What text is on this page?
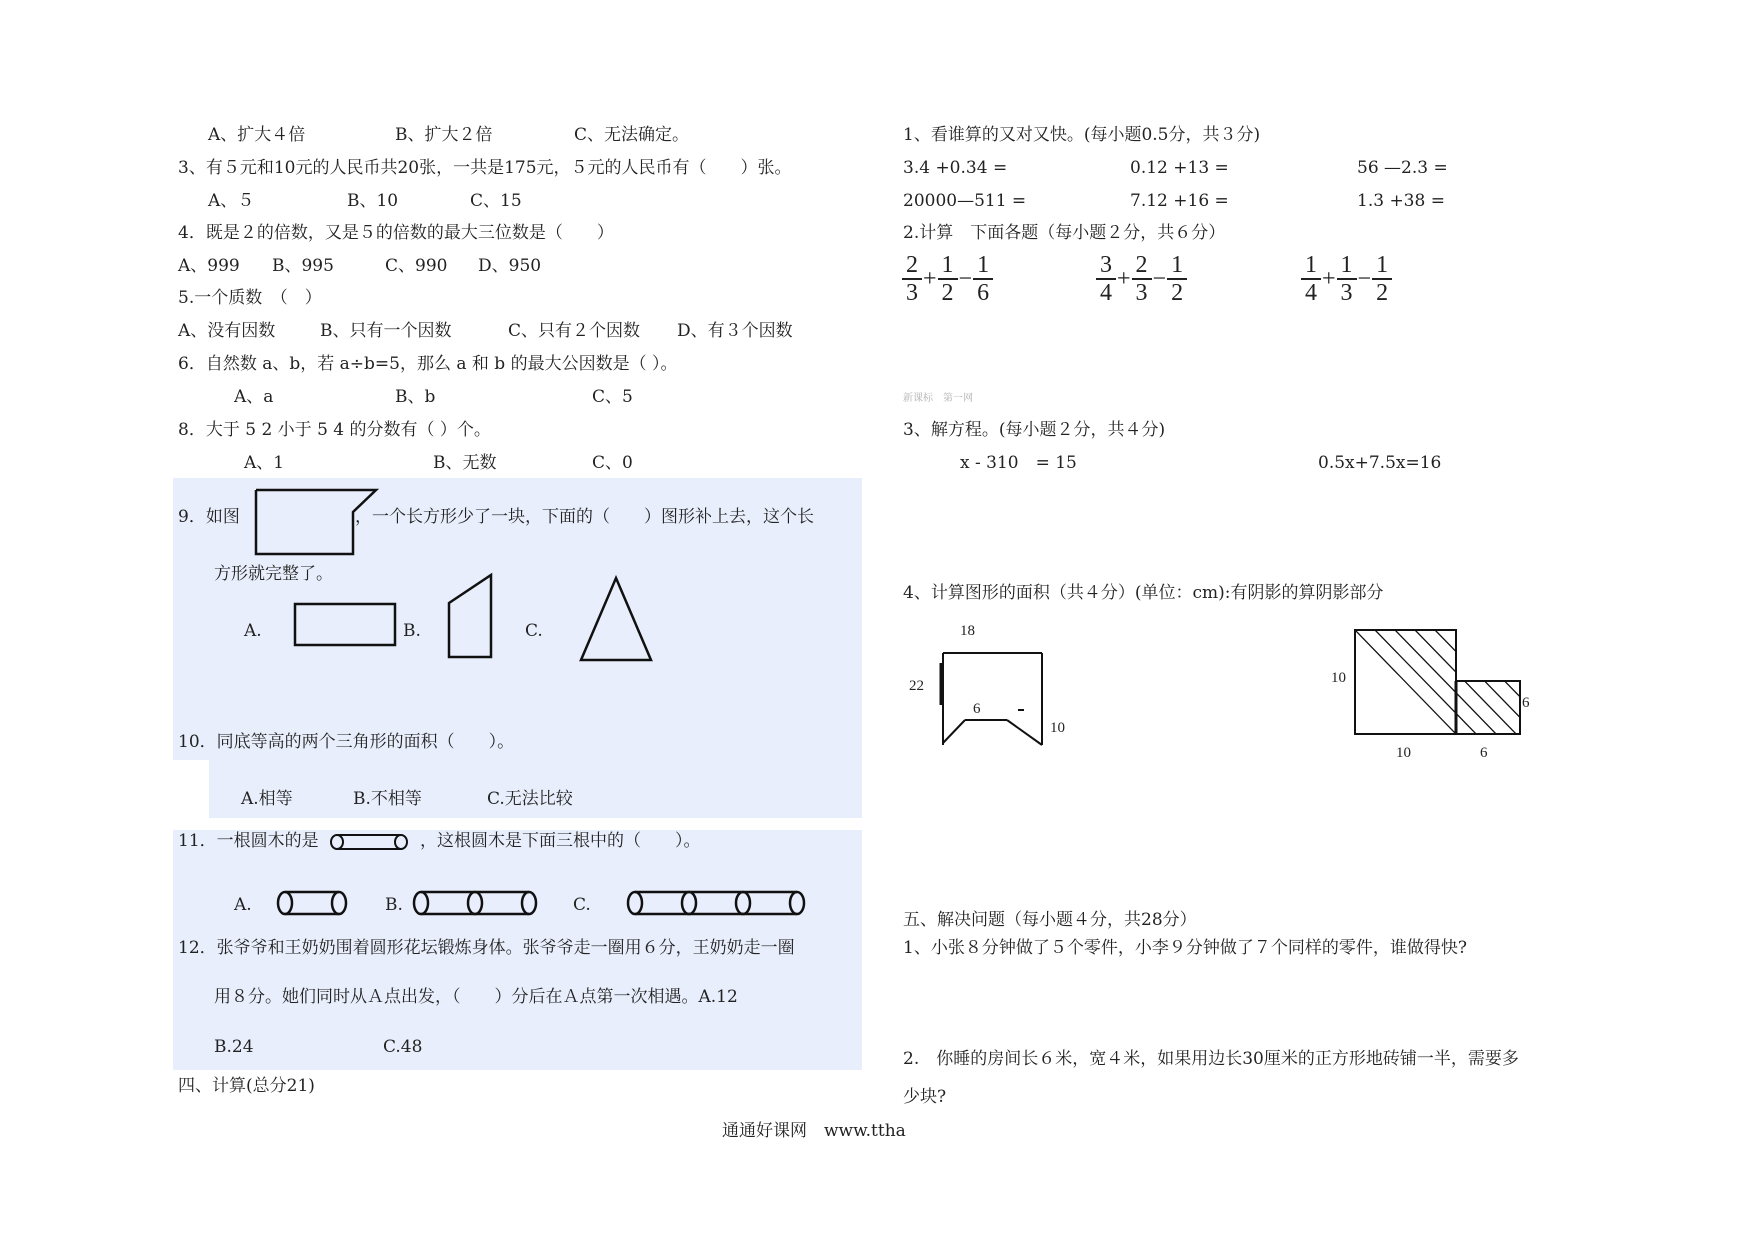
A、扩大４倍	B、扩大２倍	C、无法确定。
3、有５元和10元的人民币共20张，一共是175元，５元的人民币有（　　）张。
A、５	B、10	C、15
4．既是２的倍数，又是５的倍数的最大三位数是（　　）
A、999 B、995	C、990 D、950
5.一个质数　（　）
A、没有因数	B、只有一个因数	C、只有２个因数 D、有３个因数
6．自然数 a、b，若 a÷b=5，那么 a 和 b 的最大公因数是（ ）。
A、a	B、b	C、5
8．大于 5 2 小于 5 4 的分数有（ ）个。
A、1	B、无数	C、0
9．如图	，一个长方形少了一块，下面的（　　）图形补上去，这个长
方形就完整了。
A.	B.	C.
10．同底等高的两个三角形的面积（　　）。
A.相等	B.不相等	C.无法比较
11．一根圆木的是	，这根圆木是下面三根中的（　　）。
A.	B.	C.
12．张爷爷和王奶奶围着圆形花坛锻炼身体。张爷爷走一圈用６分，王奶奶走一圈
用８分。她们同时从Ａ点出发，（　　）分后在Ａ点第一次相遇。A.12
B.24	C.48
四、计算(总分21)
1、看谁算的又对又快。(每小题0.5分，共３分)
3.4 +0.34 =	0.12 +13 =	56 —2.3 =
20000—511 =	7.12 +16 =	1.3 +38 =
2.计算　下面各题（每小题２分，共６分）
2
3
+
1
2
−
1
6
3
4
+
2
3
−
1
2
1
4
+
1
3
−
1
2
新课标　第一网
3、解方程。(每小题２分，共４分)
x - 310　= 15	0.5x+7.5x=16
4、计算图形的面积（共４分）(单位：cm):有阴影的算阴影部分
18
22
6
10
10
10	6
6
五、解决问题（每小题４分，共28分）
1、小张８分钟做了５个零件，小李９分钟做了７个同样的零件，谁做得快?
2.　你睡的房间长６米，宽４米，如果用边长30厘米的正方形地砖铺一半，需要多
少块?
通通好课网　www.ttha
